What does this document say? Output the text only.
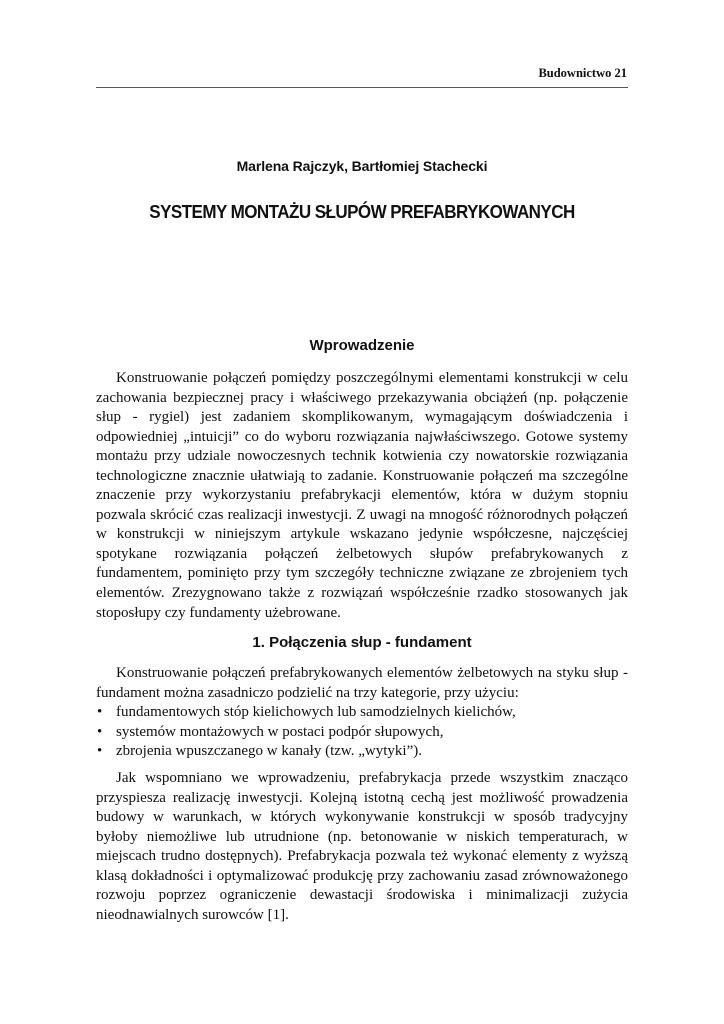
Budownictwo 21
Marlena Rajczyk, Bartłomiej Stachecki
SYSTEMY MONTAŻU SŁUPÓW PREFABRYKOWANYCH
Wprowadzenie

Konstruowanie połączeń pomiędzy poszczególnymi elementami konstrukcji w celu zachowania bezpiecznej pracy i właściwego przekazywania obciążeń (np. połączenie słup - rygiel) jest zadaniem skomplikowanym, wymagającym doświadczenia i odpowiedniej „intuicji” co do wyboru rozwiązania najwłaściwszego. Gotowe systemy montażu przy udziale nowoczesnych technik kotwienia czy nowatorskie rozwiązania technologiczne znacznie ułatwiają to zadanie. Konstruowanie połączeń ma szczególne znaczenie przy wykorzystaniu prefabrykacji elementów, która w dużym stopniu pozwala skrócić czas realizacji inwestycji. Z uwagi na mnogość różnorodnych połączeń w konstrukcji w niniejszym artykule wskazano jedynie współczesne, najczęściej spotykane rozwiązania połączeń żelbetowych słupów prefabrykowanych z fundamentem, pominięto przy tym szczegóły techniczne związane ze zbrojeniem tych elementów. Zrezygnowano także z rozwiązań współcześnie rzadko stosowanych jak stoposłupy czy fundamenty użebrowane.

1. Połączenia słup - fundament

Konstruowanie połączeń prefabrykowanych elementów żelbetowych na styku słup - fundament można zasadniczo podzielić na trzy kategorie, przy użyciu:

• fundamentowych stóp kielichowych lub samodzielnych kielichów,
• systemów montażowych w postaci podpór słupowych,
• zbrojenia wpuszczanego w kanały (tzw. „wytyki”).

Jak wspomniano we wprowadzeniu, prefabrykacja przede wszystkim znacząco przyspiesza realizację inwestycji. Kolejną istotną cechą jest możliwość prowadzenia budowy w warunkach, w których wykonywanie konstrukcji w sposób tradycyjny byłoby niemożliwe lub utrudnione (np. betonowanie w niskich temperaturach, w miejscach trudno dostępnych). Prefabrykacja pozwala też wykonać elementy z wyższą klasą dokładności i optymalizować produkcję przy zachowaniu zasad zrównoważonego rozwoju poprzez ograniczenie dewastacji środowiska i minimalizacji zużycia nieodnawialnych surowców [1].
